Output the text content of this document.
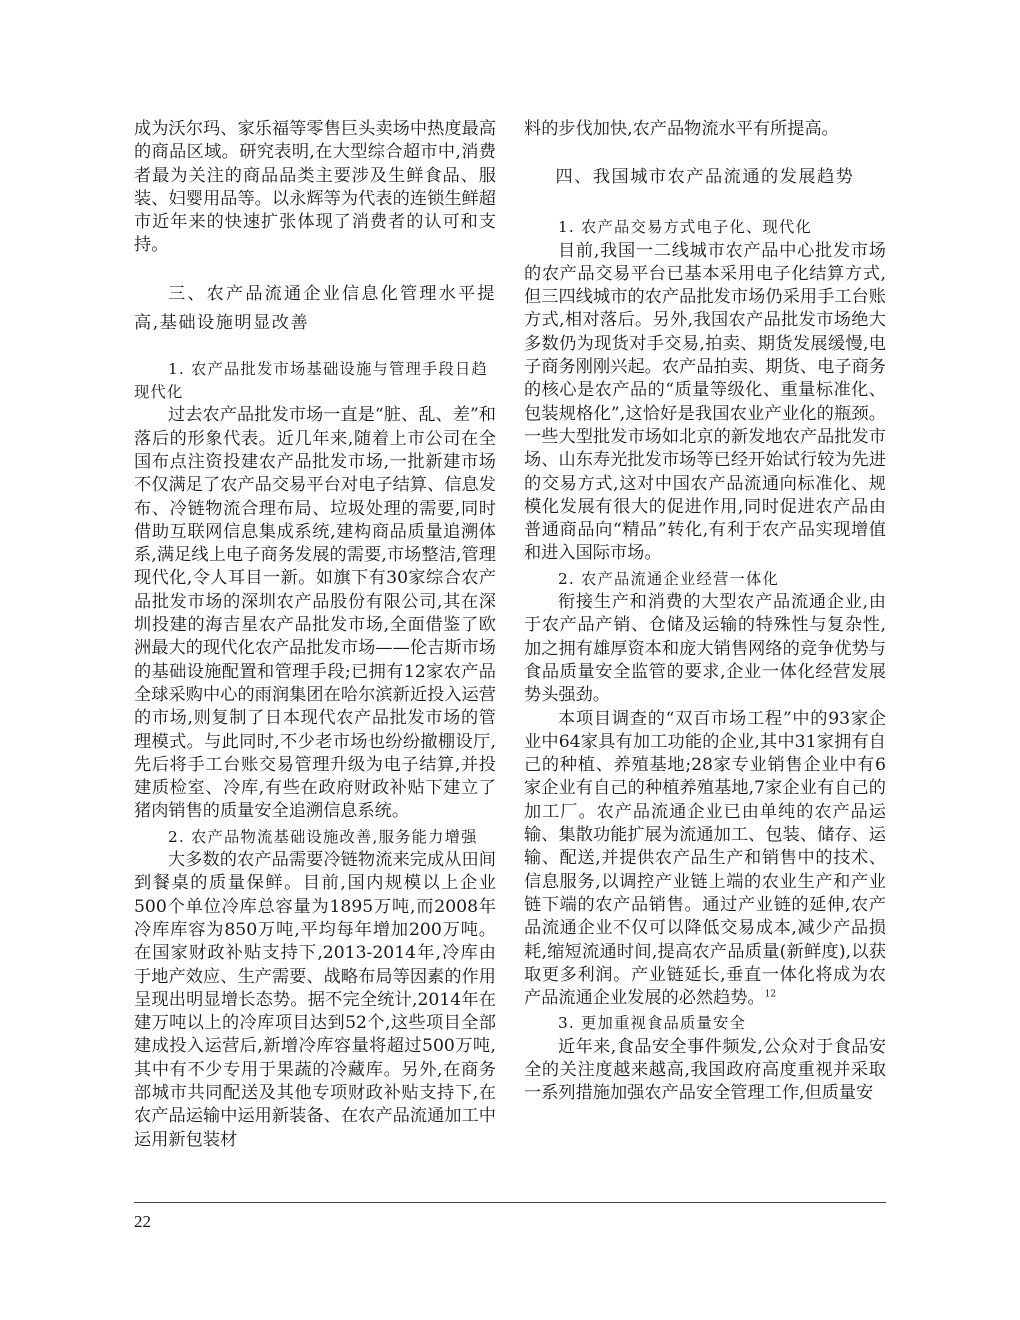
成为沃尔玛、家乐福等零售巨头卖场中热度最高的商品区域。研究表明,在大型综合超市中,消费者最为关注的商品品类主要涉及生鲜食品、服装、妇婴用品等。以永辉等为代表的连锁生鲜超市近年来的快速扩张体现了消费者的认可和支持。

三、农产品流通企业信息化管理水平提高,基础设施明显改善

1. 农产品批发市场基础设施与管理手段日趋现代化

过去农产品批发市场一直是“脏、乱、差”和落后的形象代表。近几年来,随着上市公司在全国布点注资投建农产品批发市场,一批新建市场不仅满足了农产品交易平台对电子结算、信息发布、冷链物流合理布局、垃圾处理的需要,同时借助互联网信息集成系统,建构商品质量追溯体系,满足线上电子商务发展的需要,市场整洁,管理现代化,令人耳目一新。如旗下有30家综合农产品批发市场的深圳农产品股份有限公司,其在深圳投建的海吉星农产品批发市场,全面借鉴了欧洲最大的现代化农产品批发市场——伦吉斯市场的基础设施配置和管理手段;已拥有12家农产品全球采购中心的雨润集团在哈尔滨新近投入运营的市场,则复制了日本现代农产品批发市场的管理模式。与此同时,不少老市场也纷纷撤棚设厅,先后将手工台账交易管理升级为电子结算,并投建质检室、冷库,有些在政府财政补贴下建立了猪肉销售的质量安全追溯信息系统。

2. 农产品物流基础设施改善,服务能力增强

大多数的农产品需要冷链物流来完成从田间到餐桌的质量保鲜。目前,国内规模以上企业500个单位冷库总容量为1895万吨,而2008年冷库库容为850万吨,平均每年增加200万吨。在国家财政补贴支持下,2013-2014年,冷库由于地产效应、生产需要、战略布局等因素的作用呈现出明显增长态势。据不完全统计,2014年在建万吨以上的冷库项目达到52个,这些项目全部建成投入运营后,新增冷库容量将超过500万吨,其中有不少专用于果蔬的冷藏库。另外,在商务部城市共同配送及其他专项财政补贴支持下,在农产品运输中运用新装备、在农产品流通加工中运用新包装材

料的步伐加快,农产品物流水平有所提高。

四、我国城市农产品流通的发展趋势

1. 农产品交易方式电子化、现代化

目前,我国一二线城市农产品中心批发市场的农产品交易平台已基本采用电子化结算方式,但三四线城市的农产品批发市场仍采用手工台账方式,相对落后。另外,我国农产品批发市场绝大多数仍为现货对手交易,拍卖、期货发展缓慢,电子商务刚刚兴起。农产品拍卖、期货、电子商务的核心是农产品的“质量等级化、重量标准化、包装规格化”,这恰好是我国农业产业化的瓶颈。一些大型批发市场如北京的新发地农产品批发市场、山东寿光批发市场等已经开始试行较为先进的交易方式,这对中国农产品流通向标准化、规模化发展有很大的促进作用,同时促进农产品由普通商品向“精品”转化,有利于农产品实现增值和进入国际市场。

2. 农产品流通企业经营一体化

衔接生产和消费的大型农产品流通企业,由于农产品产销、仓储及运输的特殊性与复杂性,加之拥有雄厚资本和庞大销售网络的竞争优势与食品质量安全监管的要求,企业一体化经营发展势头强劲。

本项目调查的“双百市场工程”中的93家企业中64家具有加工功能的企业,其中31家拥有自己的种植、养殖基地;28家专业销售企业中有6家企业有自己的种植养殖基地,7家企业有自己的加工厂。农产品流通企业已由单纯的农产品运输、集散功能扩展为流通加工、包装、储存、运输、配送,并提供农产品生产和销售中的技术、信息服务,以调控产业链上端的农业生产和产业链下端的农产品销售。通过产业链的延伸,农产品流通企业不仅可以降低交易成本,减少产品损耗,缩短流通时间,提高农产品质量(新鲜度),以获取更多利润。产业链延长,垂直一体化将成为农产品流通企业发展的必然趋势。$^{12}$

3. 更加重视食品质量安全

近年来,食品安全事件频发,公众对于食品安全的关注度越来越高,我国政府高度重视并采取一系列措施加强农产品安全管理工作,但质量安

22
